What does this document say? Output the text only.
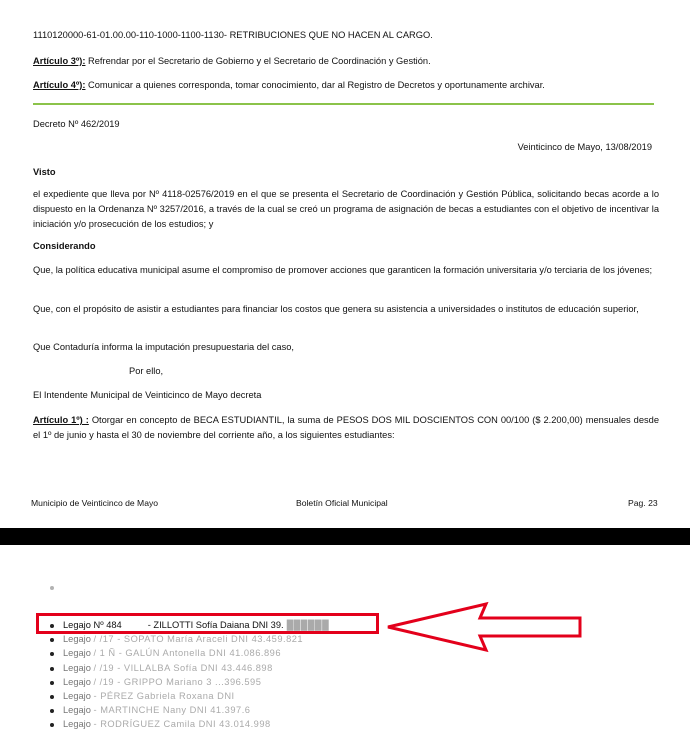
1110120000-61-01.00.00-110-1000-1100-1130- RETRIBUCIONES QUE NO HACEN AL CARGO.
Artículo 3º): Refrendar por el Secretario de Gobierno y el Secretario de Coordinación y Gestión.
Artículo 4º): Comunicar a quienes corresponda, tomar conocimiento, dar al Registro de Decretos y oportunamente archivar.
Decreto Nº 462/2019
Veinticinco de Mayo, 13/08/2019
Visto
el expediente que lleva por Nº 4118-02576/2019 en el que se presenta el Secretario de Coordinación y Gestión Pública, solicitando becas acorde a lo dispuesto en la Ordenanza Nº 3257/2016, a través de la cual se creó un programa de asignación de becas a estudiantes con el objetivo de incentivar la iniciación y/o prosecución de los estudios; y
Considerando
Que, la política educativa municipal asume el compromiso de promover acciones que garanticen la formación universitaria y/o terciaria de los jóvenes;
Que, con el propósito de asistir a estudiantes para financiar los costos que genera su asistencia a universidades o institutos de educación superior,
Que Contaduría informa la imputación presupuestaria del caso,
Por ello,
El Intendente Municipal de Veinticinco de Mayo decreta
Artículo 1º) : Otorgar en concepto de BECA ESTUDIANTIL, la suma de PESOS DOS MIL DOSCIENTOS CON 00/100 ($ 2.200,00) mensuales desde el 1º de junio y hasta el 30 de noviembre del corriente año, a los siguientes estudiantes:
Municipio de Veinticinco de Mayo	Boletín Oficial Municipal	Pag. 23
Legajo Nº 484	- ZILLOTTI Sofía Daiana DNI 39. ██████
Legajo / /17 - SOPATO María Araceli DNI 43.459.821
Legajo / 1 Ñ - GALÚN Antonella DNI 41.086.896
Legajo / /19 - VILLALBA Sofía DNI 43.446.898
Legajo / /19 - GRIPPO Mariano 3 ...396.595
Legajo - PÉREZ Gabriela Roxana DNI
Legajo - MARTINCHE Nany DNI 41.397.6
Legajo - RODRÍGUEZ Camila DNI 43.014.998
